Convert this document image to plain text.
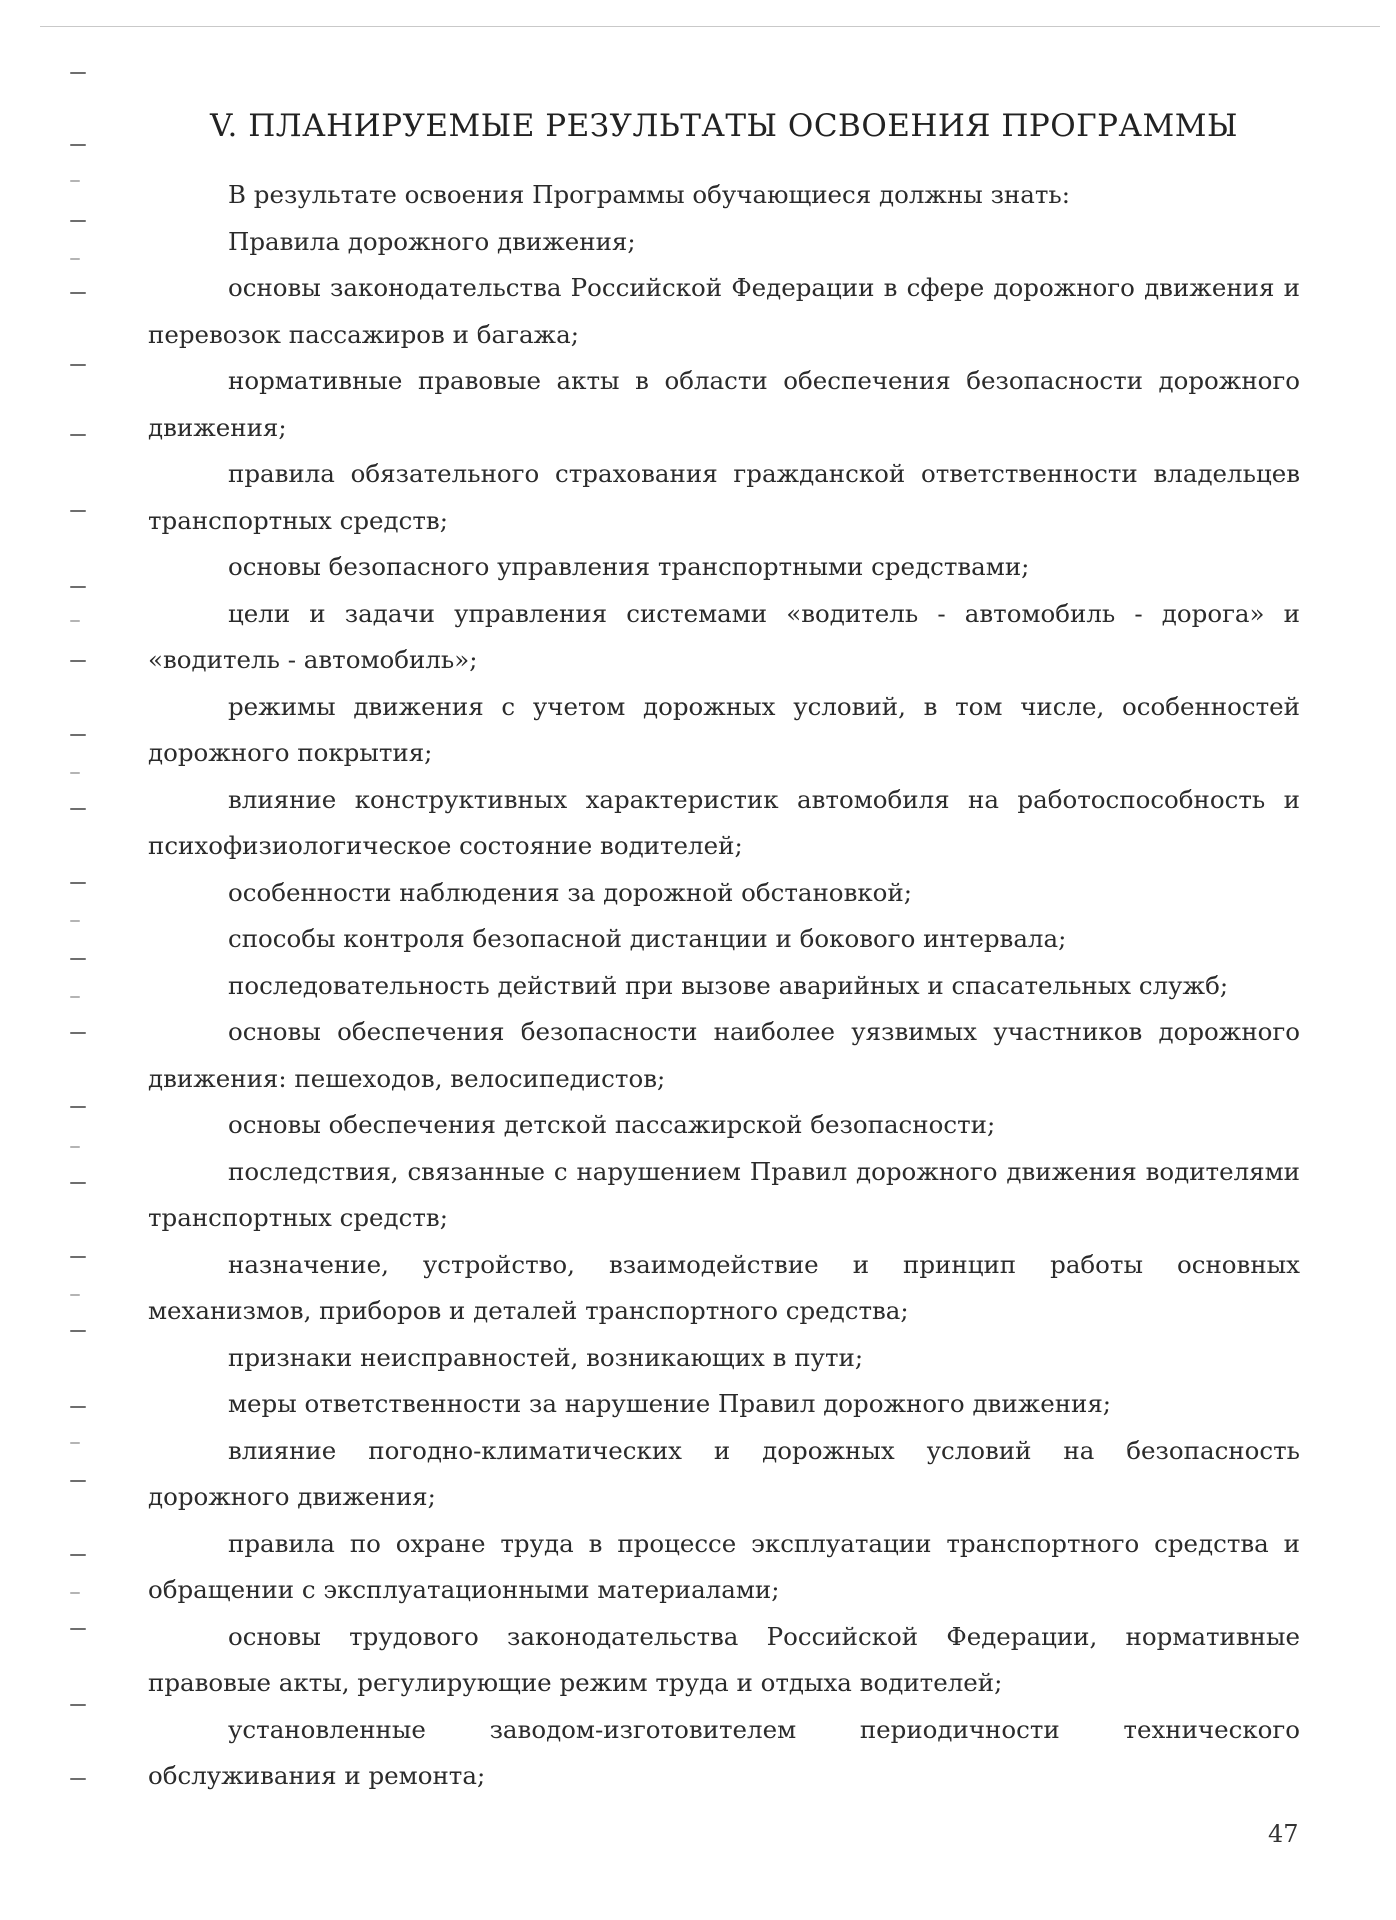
V. ПЛАНИРУЕМЫЕ РЕЗУЛЬТАТЫ ОСВОЕНИЯ ПРОГРАММЫ

В результате освоения Программы обучающиеся должны знать:

Правила дорожного движения;

основы законодательства Российской Федерации в сфере дорожного движения и перевозок пассажиров и багажа;

нормативные правовые акты в области обеспечения безопасности дорожного движения;

правила обязательного страхования гражданской ответственности владельцев транспортных средств;

основы безопасного управления транспортными средствами;

цели и задачи управления системами «водитель - автомобиль - дорога» и «водитель - автомобиль»;

режимы движения с учетом дорожных условий, в том числе, особенностей дорожного покрытия;

влияние конструктивных характеристик автомобиля на работоспособность и психофизиологическое состояние водителей;

особенности наблюдения за дорожной обстановкой;

способы контроля безопасной дистанции и бокового интервала;

последовательность действий при вызове аварийных и спасательных служб;

основы обеспечения безопасности наиболее уязвимых участников дорожного движения: пешеходов, велосипедистов;

основы обеспечения детской пассажирской безопасности;

последствия, связанные с нарушением Правил дорожного движения водителями транспортных средств;

назначение, устройство, взаимодействие и принцип работы основных механизмов, приборов и деталей транспортного средства;

признаки неисправностей, возникающих в пути;

меры ответственности за нарушение Правил дорожного движения;

влияние погодно-климатических и дорожных условий на безопасность дорожного движения;

правила по охране труда в процессе эксплуатации транспортного средства и обращении с эксплуатационными материалами;

основы трудового законодательства Российской Федерации, нормативные правовые акты, регулирующие режим труда и отдыха водителей;

установленные заводом-изготовителем периодичности технического обслуживания и ремонта;

47
